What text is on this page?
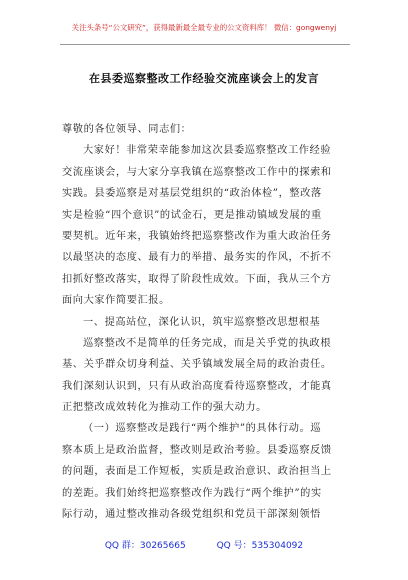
关注头条号“公文研究”，获得最新最全最专业的公文资料库！ 微信：gongwenyj
在县委巡察整改工作经验交流座谈会上的发言
尊敬的各位领导、同志们：
大家好！非常荣幸能参加这次县委巡察整改工作经验
交流座谈会，与大家分享我镇在巡察整改工作中的探索和
实践。县委巡察是对基层党组织的“政治体检”，整改落
实是检验“四个意识”的试金石，更是推动镇域发展的重
要契机。近年来，我镇始终把巡察整改作为重大政治任务
以最坚决的态度、最有力的举措、最务实的作风，不折不
扣抓好整改落实，取得了阶段性成效。下面，我从三个方
面向大家作简要汇报。
一、提高站位，深化认识，筑牢巡察整改思想根基
巡察整改不是简单的任务完成，而是关乎党的执政根
基、关乎群众切身利益、关乎镇域发展全局的政治责任。
我们深刻认识到，只有从政治高度看待巡察整改，才能真
正把整改成效转化为推动工作的强大动力。
（一）巡察整改是践行“两个维护”的具体行动。巡
察本质上是政治监督，整改则是政治考验。县委巡察反馈
的问题，表面是工作短板，实质是政治意识、政治担当上
的差距。我们始终把巡察整改作为践行“两个维护”的实
际行动，通过整改推动各级党组织和党员干部深刻领悟
QQ 群：30265665	QQ 号：535304092
